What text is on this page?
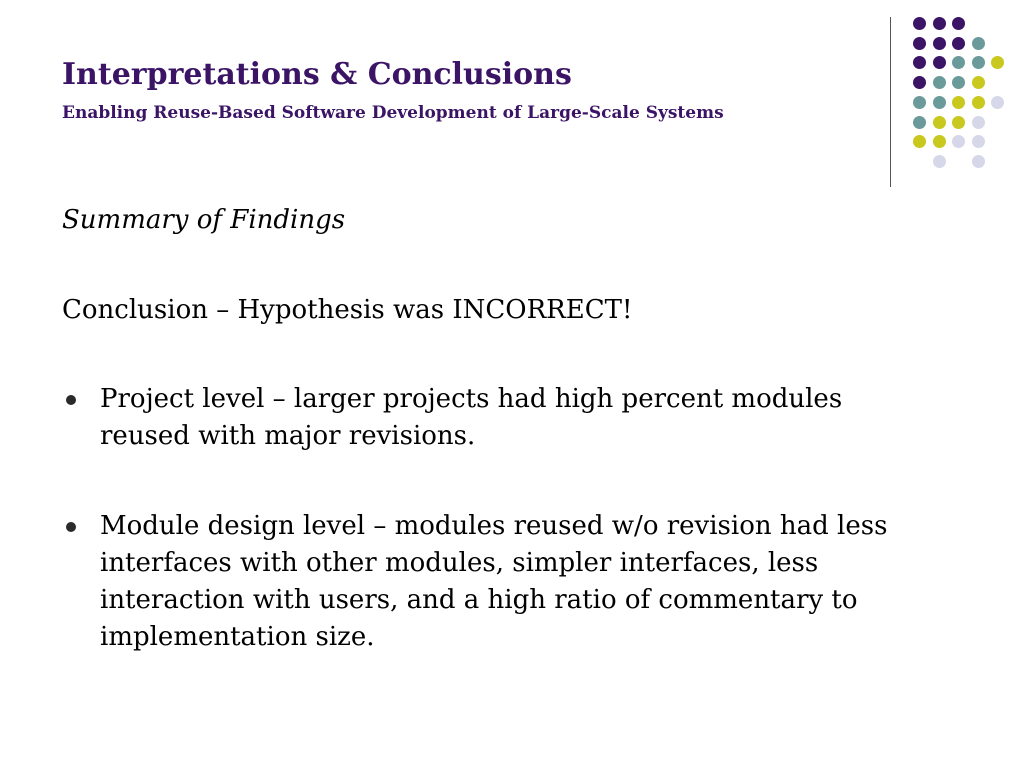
Interpretations & Conclusions
Enabling Reuse-Based Software Development of Large-Scale Systems

Summary of Findings

Conclusion – Hypothesis was INCORRECT!

Project level – larger projects had high percent modules reused with major revisions.

Module design level – modules reused w/o revision had less interfaces with other modules, simpler interfaces, less interaction with users, and a high ratio of commentary to implementation size.
